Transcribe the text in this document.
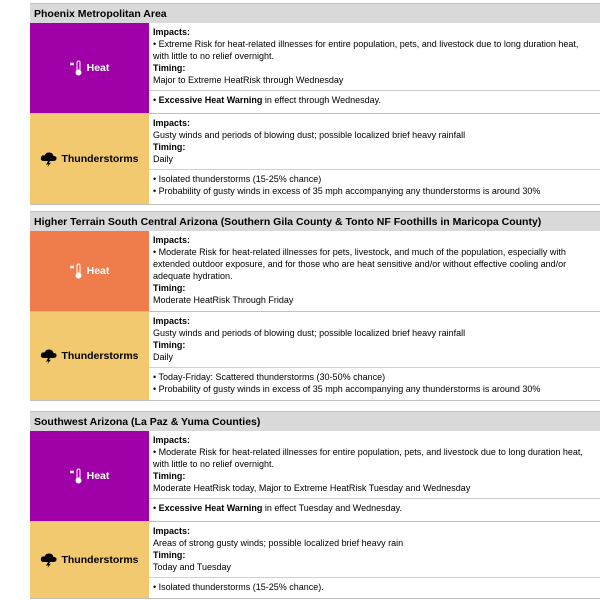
Phoenix Metropolitan Area
Heat
Impacts:
• Extreme Risk for heat-related illnesses for entire population, pets, and livestock due to long duration heat, with little to no relief overnight.
Timing:
Major to Extreme HeatRisk through Wednesday
• Excessive Heat Warning in effect through Wednesday.
Thunderstorms
Impacts:
Gusty winds and periods of blowing dust; possible localized brief heavy rainfall
Timing:
Daily
• Isolated thunderstorms (15-25% chance)
• Probability of gusty winds in excess of 35 mph accompanying any thunderstorms is around 30%
Higher Terrain South Central Arizona (Southern Gila County & Tonto NF Foothills in Maricopa County)
Heat
Impacts:
• Moderate Risk for heat-related illnesses for pets, livestock, and much of the population, especially with extended outdoor exposure, and for those who are heat sensitive and/or without effective cooling and/or adequate hydration.
Timing:
Moderate HeatRisk Through Friday
Thunderstorms
Impacts:
Gusty winds and periods of blowing dust; possible localized brief heavy rainfall
Timing:
Daily
• Today-Friday: Scattered thunderstorms (30-50% chance)
• Probability of gusty winds in excess of 35 mph accompanying any thunderstorms is around 30%
Southwest Arizona (La Paz & Yuma Counties)
Heat
Impacts:
• Moderate Risk for heat-related illnesses for entire population, pets, and livestock due to long duration heat, with little to no relief overnight.
Timing:
Moderate HeatRisk today, Major to Extreme HeatRisk Tuesday and Wednesday
• Excessive Heat Warning in effect Tuesday and Wednesday.
Thunderstorms
Impacts:
Areas of strong gusty winds; possible localized brief heavy rain
Timing:
Today and Tuesday
• Isolated thunderstorms (15-25% chance).
